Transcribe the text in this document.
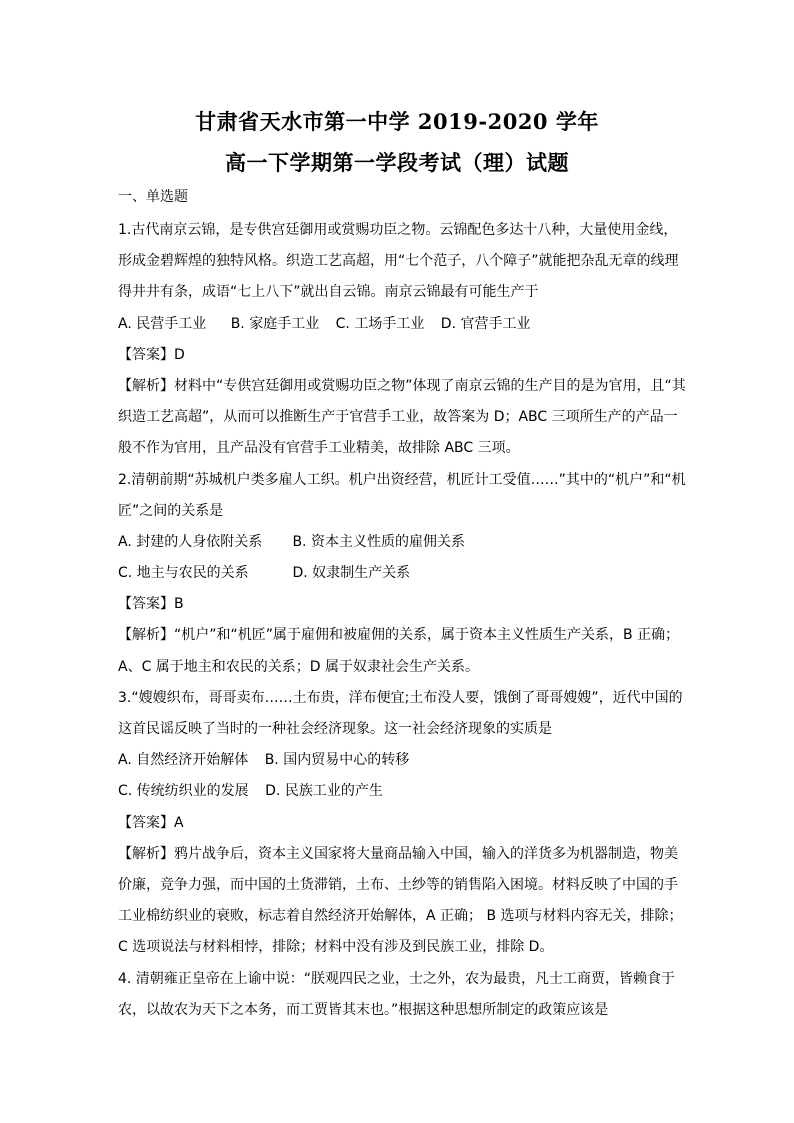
甘肃省天水市第一中学 2019-2020 学年
高一下学期第一学段考试（理）试题
一、单选题
1.古代南京云锦，是专供宫廷御用或赏赐功臣之物。云锦配色多达十八种，大量使用金线，
形成金碧辉煌的独特风格。织造工艺高超，用“七个范子，八个障子”就能把杂乱无章的线理
得井井有条，成语“七上八下”就出自云锦。南京云锦最有可能生产于
A. 民营手工业 B. 家庭手工业 C. 工场手工业 D. 官营手工业
【答案】D
【解析】材料中“专供宫廷御用或赏赐功臣之物”体现了南京云锦的生产目的是为官用，且“其
织造工艺高超”，从而可以推断生产于官营手工业，故答案为 D；ABC 三项所生产的产品一
般不作为官用，且产品没有官营手工业精美，故排除 ABC 三项。
2.清朝前期“苏城机户类多雇人工织。机户出资经营，机匠计工受值……”其中的“机户”和“机
匠”之间的关系是
A. 封建的人身依附关系 B. 资本主义性质的雇佣关系
C. 地主与农民的关系	D. 奴隶制生产关系
【答案】B
【解析】“机户”和“机匠”属于雇佣和被雇佣的关系，属于资本主义性质生产关系，B 正确；
A、C 属于地主和农民的关系；D 属于奴隶社会生产关系。
3.“嫂嫂织布，哥哥卖布……土布贵，洋布便宜;土布没人要，饿倒了哥哥嫂嫂”，近代中国的
这首民谣反映了当时的一种社会经济现象。这一社会经济现象的实质是
A. 自然经济开始解体 B. 国内贸易中心的转移
C. 传统纺织业的发展 D. 民族工业的产生
【答案】A
【解析】鸦片战争后，资本主义国家将大量商品输入中国，输入的洋货多为机器制造，物美
价廉，竞争力强，而中国的土货滞销，土布、土纱等的销售陷入困境。材料反映了中国的手
工业棉纺织业的衰败，标志着自然经济开始解体，A 正确； B 选项与材料内容无关，排除；
C 选项说法与材料相悖，排除；材料中没有涉及到民族工业，排除 D。
4. 清朝雍正皇帝在上谕中说：“朕观四民之业，士之外，农为最贵，凡士工商贾，皆赖食于
农，以故农为天下之本务，而工贾皆其末也。”根据这种思想所制定的政策应该是
